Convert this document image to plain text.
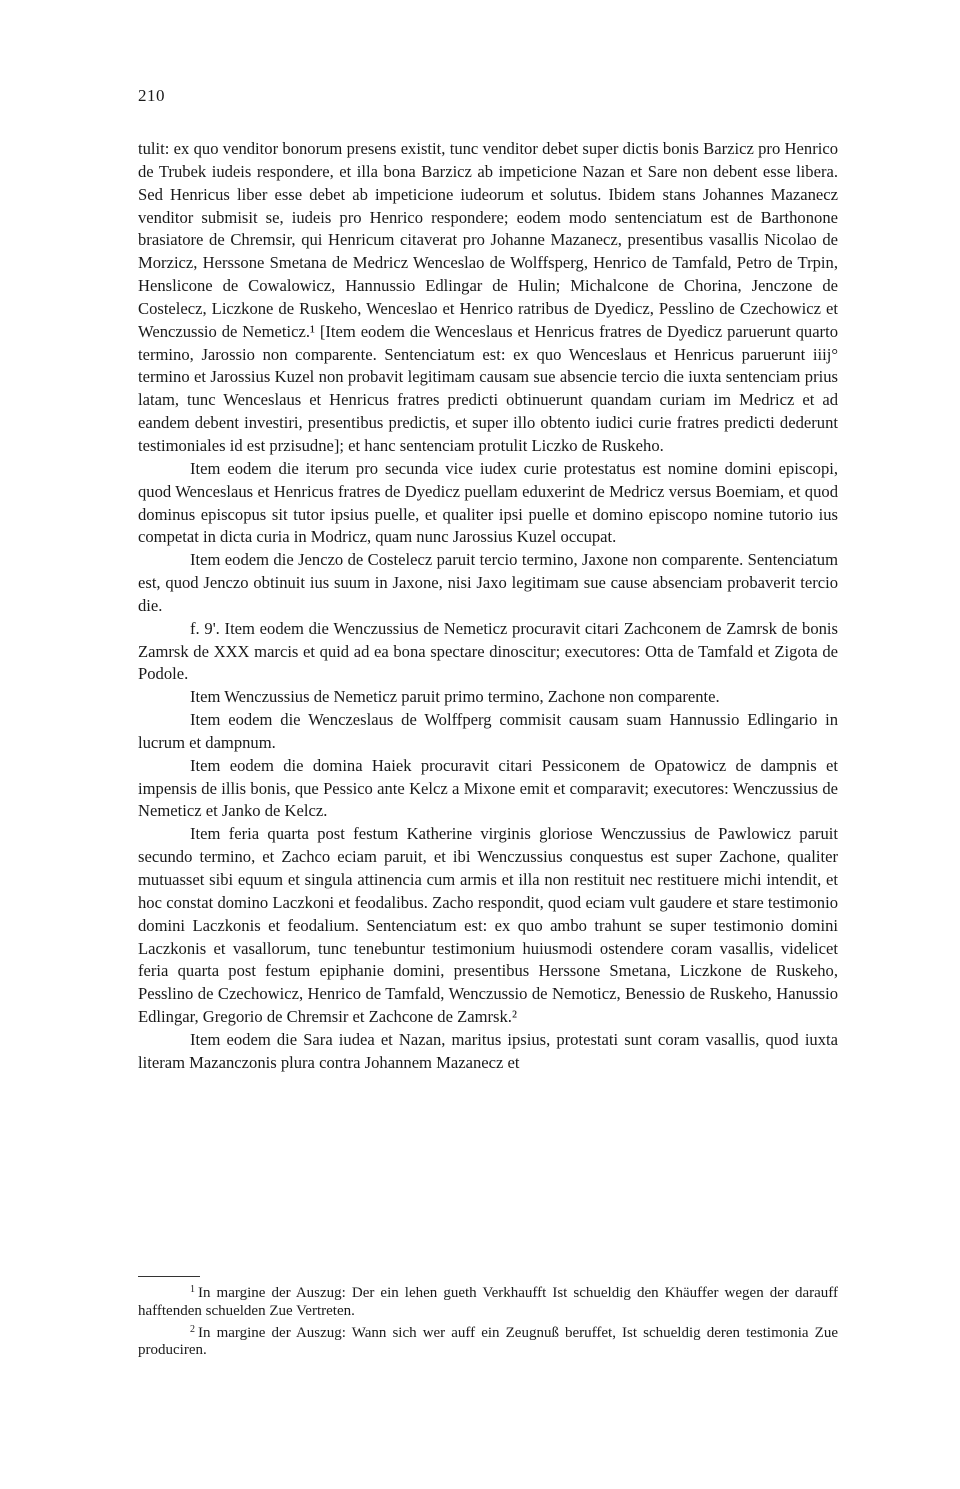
210

tulit: ex quo venditor bonorum presens existit, tunc venditor debet super dictis bonis Barzicz pro Henrico de Trubek iudeis respondere, et illa bona Barzicz ab impeticione Nazan et Sare non debent esse libera. Sed Henricus liber esse debet ab impeticione iudeorum et solutus. Ibidem stans Johannes Mazanecz venditor submisit se, iudeis pro Henrico respondere; eodem modo sentenciatum est de Barthonone brasiatore de Chremsir, qui Henricum citaverat pro Johanne Mazanecz, presentibus vasallis Nicolao de Morzicz, Herssone Smetana de Medricz Wenceslao de Wolffsperg, Henrico de Tamfald, Petro de Trpin, Henslicone de Cowalowicz, Hannussio Edlingar de Hulin; Michalcone de Chorina, Jenczone de Costelecz, Liczkone de Ruskeho, Wenceslao et Henrico ratribus de Dyedicz, Pesslino de Czechowicz et Wenczussio de Nemeticz.¹ [Item eodem die Wenceslaus et Henricus fratres de Dyedicz paruerunt quarto termino, Jarossio non comparente. Sentenciatum est: ex quo Wenceslaus et Henricus paruerunt iiij° termino et Jarossius Kuzel non probavit legitimam causam sue absencie tercio die iuxta sentenciam prius latam, tunc Wenceslaus et Henricus fratres predicti obtinuerunt quandam curiam im Medricz et ad eandem debent investiri, presentibus predictis, et super illo obtento iudici curie fratres predicti dederunt testimoniales id est przisudne]; et hanc sentenciam protulit Liczko de Ruskeho.

Item eodem die iterum pro secunda vice iudex curie protestatus est nomine domini episcopi, quod Wenceslaus et Henricus fratres de Dyedicz puellam eduxerint de Medricz versus Boemiam, et quod dominus episcopus sit tutor ipsius puelle, et qualiter ipsi puelle et domino episcopo nomine tutorio ius competat in dicta curia in Modricz, quam nunc Jarossius Kuzel occupat.

Item eodem die Jenczo de Costelecz paruit tercio termino, Jaxone non comparente. Sentenciatum est, quod Jenczo obtinuit ius suum in Jaxone, nisi Jaxo legitimam sue cause absenciam probaverit tercio die.

f. 9'. Item eodem die Wenczussius de Nemeticz procuravit citari Zachconem de Zamrsk de bonis Zamrsk de XXX marcis et quid ad ea bona spectare dinoscitur; executores: Otta de Tamfald et Zigota de Podole.

Item Wenczussius de Nemeticz paruit primo termino, Zachone non comparente.

Item eodem die Wenczeslaus de Wolffperg commisit causam suam Hannussio Edlingario in lucrum et dampnum.

Item eodem die domina Haiek procuravit citari Pessiconem de Opatowicz de dampnis et impensis de illis bonis, que Pessico ante Kelcz a Mixone emit et comparavit; executores: Wenczussius de Nemeticz et Janko de Kelcz.

Item feria quarta post festum Katherine virginis gloriose Wenczussius de Pawlowicz paruit secundo termino, et Zachco eciam paruit, et ibi Wenczussius conquestus est super Zachone, qualiter mutuasset sibi equum et singula attinencia cum armis et illa non restituit nec restituere michi intendit, et hoc constat domino Laczkoni et feodalibus. Zacho respondit, quod eciam vult gaudere et stare testimonio domini Laczkonis et feodalium. Sentenciatum est: ex quo ambo trahunt se super testimonio domini Laczkonis et vasallorum, tunc tenebuntur testimonium huiusmodi ostendere coram vasallis, videlicet feria quarta post festum epiphanie domini, presentibus Herssone Smetana, Liczkone de Ruskeho, Pesslino de Czechowicz, Henrico de Tamfald, Wenczussio de Nemoticz, Benessio de Ruskeho, Hanussio Edlingar, Gregorio de Chremsir et Zachcone de Zamrsk.²

Item eodem die Sara iudea et Nazan, maritus ipsius, protestati sunt coram vasallis, quod iuxta literam Mazanczonis plura contra Johannem Mazanecz et

$^1$ In margine der Auszug: Der ein lehen gueth Verkhaufft Ist schueldig den Khäuffer wegen der darauff hafftenden schuelden Zue Vertreten.

$^2$ In margine der Auszug: Wann sich wer auff ein Zeugnuß beruffet, Ist schueldig deren testimonia Zue produciren.
